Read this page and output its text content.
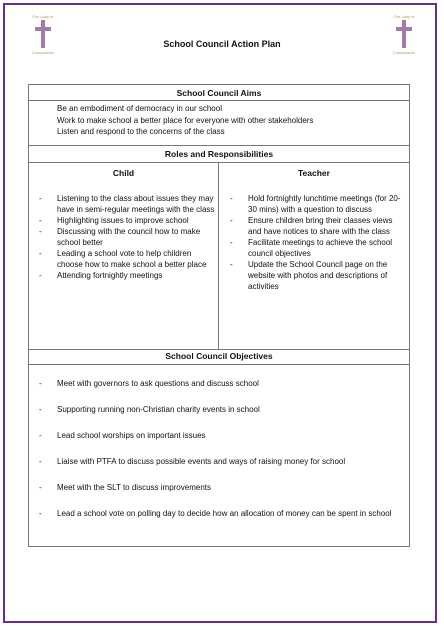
Our Lady of
Compassion
Our Lady of
Compassion
School Council Action Plan
School Council Aims
Be an embodiment of democracy in our school
Work to make school a better place for everyone with other stakeholders
Listen and respond to the concerns of the class
Roles and Responsibilities
Child	Teacher
- Listening to the class about issues they may have in semi-regular meetings with the class
- Highlighting issues to improve school
- Discussing with the council how to make school better
- Leading a school vote to help children choose how to make school a better place
- Attending fortnightly meetings
- Hold fortnightly lunchtime meetings (for 20-30 mins) with a question to discuss
- Ensure children bring their classes views and have notices to share with the class
- Facilitate meetings to achieve the school council objectives
- Update the School Council page on the website with photos and descriptions of activities
School Council Objectives
- Meet with governors to ask questions and discuss school
- Supporting running non-Christian charity events in school
- Lead school worships on important issues
- Liaise with PTFA to discuss possible events and ways of raising money for school
- Meet with the SLT to discuss improvements
- Lead a school vote on polling day to decide how an allocation of money can be spent in school
